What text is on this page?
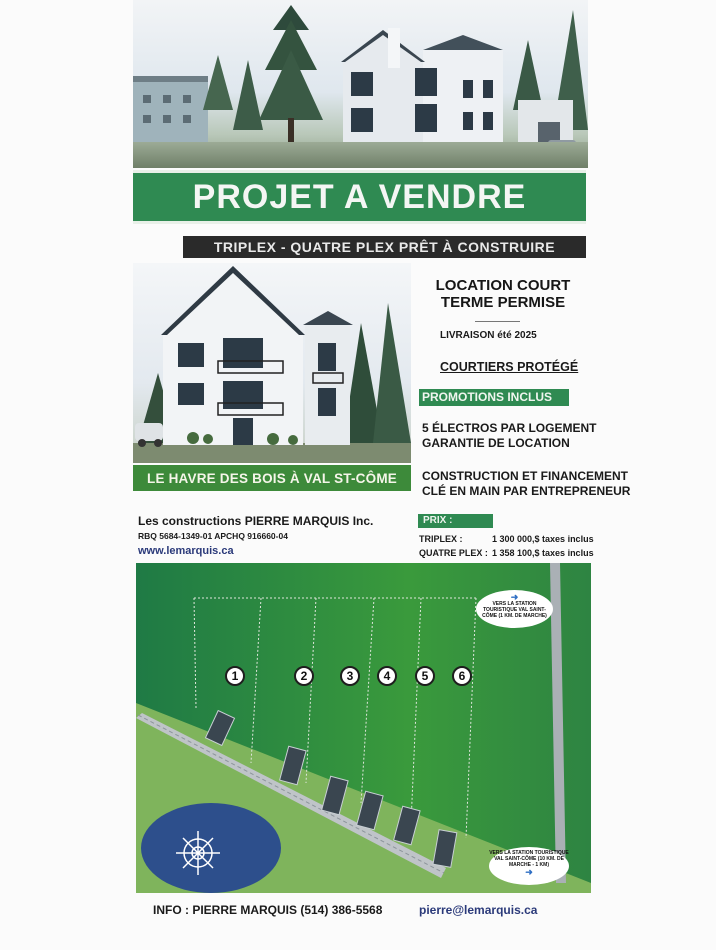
PROJET A VENDRE
TRIPLEX - QUATRE PLEX PRÊT À CONSTRUIRE
LE HAVRE DES BOIS À VAL ST-CÔME
LOCATION COURT
TERME PERMISE
LIVRAISON été 2025
COURTIERS PROTÉGÉ
PROMOTIONS INCLUS
5 ÉLECTROS PAR LOGEMENT
GARANTIE DE LOCATION
CONSTRUCTION ET FINANCEMENT
CLÉ EN MAIN PAR ENTREPRENEUR
Les constructions PIERRE MARQUIS Inc.
RBQ 5684-1349-01 APCHQ 916660-04
www.lemarquis.ca
PRIX :
TRIPLEX :	1 300 000,$ taxes inclus
QUATRE PLEX : 1 358 100,$ taxes inclus
1	2	3	4	5	6
➜
VERS LA STATION TOURISTIQUE VAL SAINT-CÔME (1 KM. DE MARCHE)
VERS LA STATION TOURISTIQUE VAL SAINT-CÔME (10 KM. DE MARCHE - 1 KM)
➜
INFO : PIERRE MARQUIS (514) 386-5568	pierre@lemarquis.ca
